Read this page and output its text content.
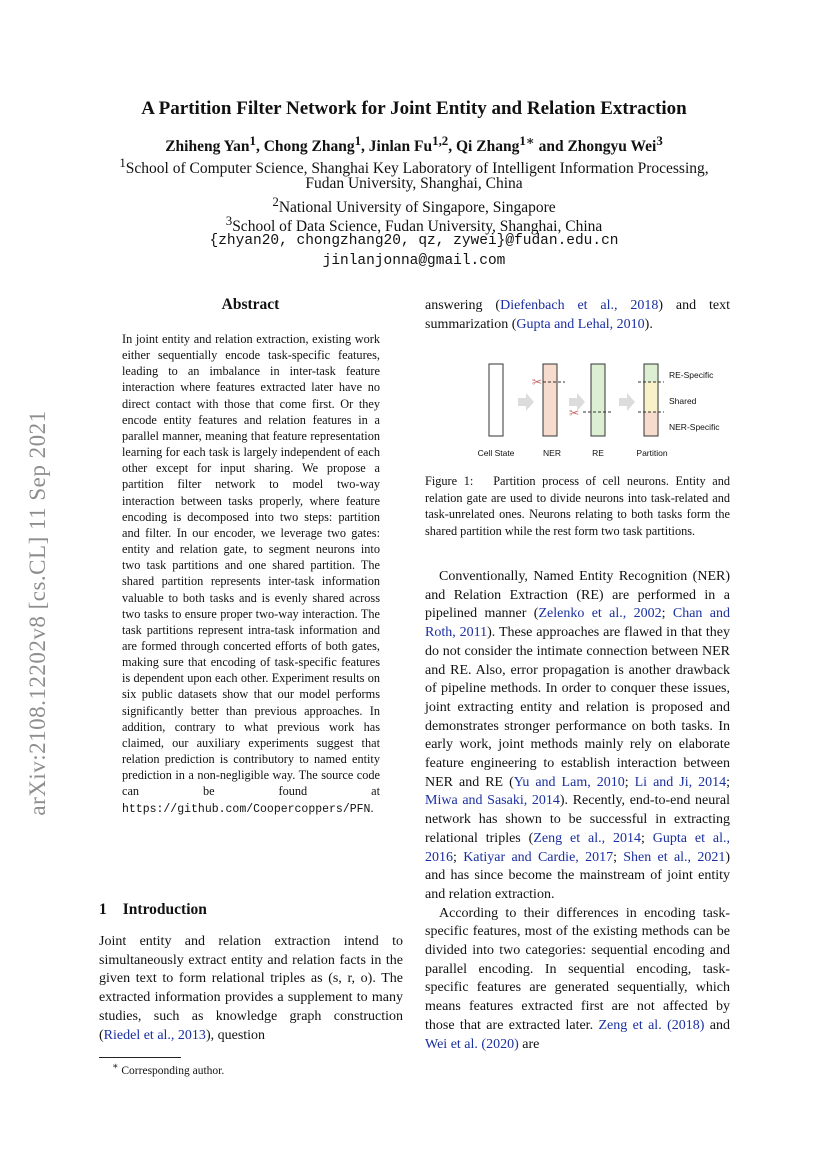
arXiv:2108.12202v8 [cs.CL] 11 Sep 2021
A Partition Filter Network for Joint Entity and Relation Extraction
Zhiheng Yan$^1$, Chong Zhang$^1$, Jinlan Fu$^{1,2}$, Qi Zhang$^{1∗}$ and Zhongyu Wei$^3$
$^1$School of Computer Science, Shanghai Key Laboratory of Intelligent Information Processing,
Fudan University, Shanghai, China
$^2$National University of Singapore, Singapore
$^3$School of Data Science, Fudan University, Shanghai, China
{zhyan20, chongzhang20, qz, zywei}@fudan.edu.cn
jinlanjonna@gmail.com
Abstract

In joint entity and relation extraction, existing work either sequentially encode task-specific features, leading to an imbalance in inter-task feature interaction where features extracted later have no direct contact with those that come first. Or they encode entity features and relation features in a parallel manner, meaning that feature representation learning for each task is largely independent of each other except for input sharing. We propose a partition filter network to model two-way interaction between tasks properly, where feature encoding is decomposed into two steps: partition and filter. In our encoder, we leverage two gates: entity and relation gate, to segment neurons into two task partitions and one shared partition. The shared partition represents inter-task information valuable to both tasks and is evenly shared across two tasks to ensure proper two-way interaction. The task partitions represent intra-task information and are formed through concerted efforts of both gates, making sure that encoding of task-specific features is dependent upon each other. Experiment results on six public datasets show that our model performs significantly better than previous approaches. In addition, contrary to what previous work has claimed, our auxiliary experiments suggest that relation prediction is contributory to named entity prediction in a non-negligible way. The source code can be found at https://github.com/Coopercoppers/PFN.

1 Introduction
Joint entity and relation extraction intend to simultaneously extract entity and relation facts in the given text to form relational triples as (s, r, o). The extracted information provides a supplement to many studies, such as knowledge graph construction (Riedel et al., 2013), question
∗ Corresponding author.
answering (Diefenbach et al., 2018) and text summarization (Gupta and Lehal, 2010).
✂
✂
RE-Specific
Shared
NER-Specific
Cell State	NER	RE	Partition
Figure 1: Partition process of cell neurons. Entity and relation gate are used to divide neurons into task-related and task-unrelated ones. Neurons relating to both tasks form the shared partition while the rest form two task partitions.

Conventionally, Named Entity Recognition (NER) and Relation Extraction (RE) are performed in a pipelined manner (Zelenko et al., 2002; Chan and Roth, 2011). These approaches are flawed in that they do not consider the intimate connection between NER and RE. Also, error propagation is another drawback of pipeline methods. In order to conquer these issues, joint extracting entity and relation is proposed and demonstrates stronger performance on both tasks. In early work, joint methods mainly rely on elaborate feature engineering to establish interaction between NER and RE (Yu and Lam, 2010; Li and Ji, 2014; Miwa and Sasaki, 2014). Recently, end-to-end neural network has shown to be successful in extracting relational triples (Zeng et al., 2014; Gupta et al., 2016; Katiyar and Cardie, 2017; Shen et al., 2021) and has since become the mainstream of joint entity and relation extraction.

According to their differences in encoding task-specific features, most of the existing methods can be divided into two categories: sequential encoding and parallel encoding. In sequential encoding, task-specific features are generated sequentially, which means features extracted first are not affected by those that are extracted later. Zeng et al. (2018) and Wei et al. (2020) are
